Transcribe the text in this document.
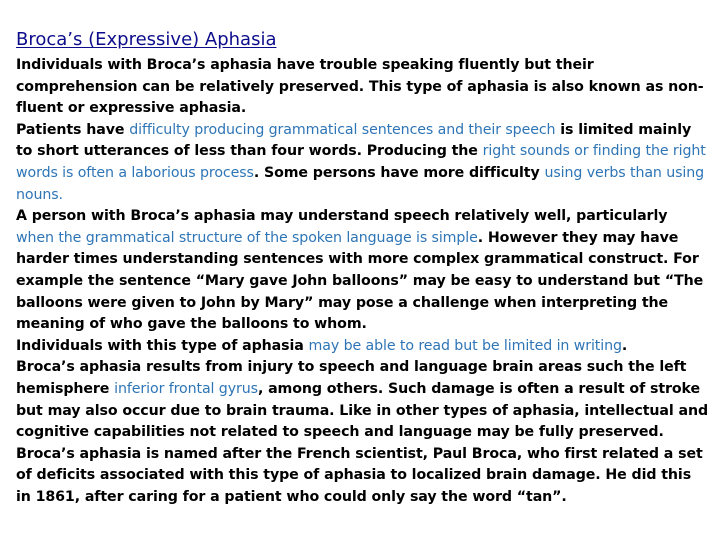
Broca’s (Expressive) Aphasia

Individuals with Broca’s aphasia have trouble speaking fluently but their comprehension can be relatively preserved. This type of aphasia is also known as non-fluent or expressive aphasia.

Patients have difficulty producing grammatical sentences and their speech is limited mainly to short utterances of less than four words. Producing the right sounds or finding the right words is often a laborious process. Some persons have more difficulty using verbs than using nouns.

A person with Broca’s aphasia may understand speech relatively well, particularly when the grammatical structure of the spoken language is simple. However they may have harder times understanding sentences with more complex grammatical construct. For example the sentence “Mary gave John balloons” may be easy to understand but “The balloons were given to John by Mary” may pose a challenge when interpreting the meaning of who gave the balloons to whom.

Individuals with this type of aphasia may be able to read but be limited in writing.

Broca’s aphasia results from injury to speech and language brain areas such the left hemisphere inferior frontal gyrus, among others. Such damage is often a result of stroke but may also occur due to brain trauma. Like in other types of aphasia, intellectual and cognitive capabilities not related to speech and language may be fully preserved.

Broca’s aphasia is named after the French scientist, Paul Broca, who first related a set of deficits associated with this type of aphasia to localized brain damage. He did this in 1861, after caring for a patient who could only say the word “tan”.
